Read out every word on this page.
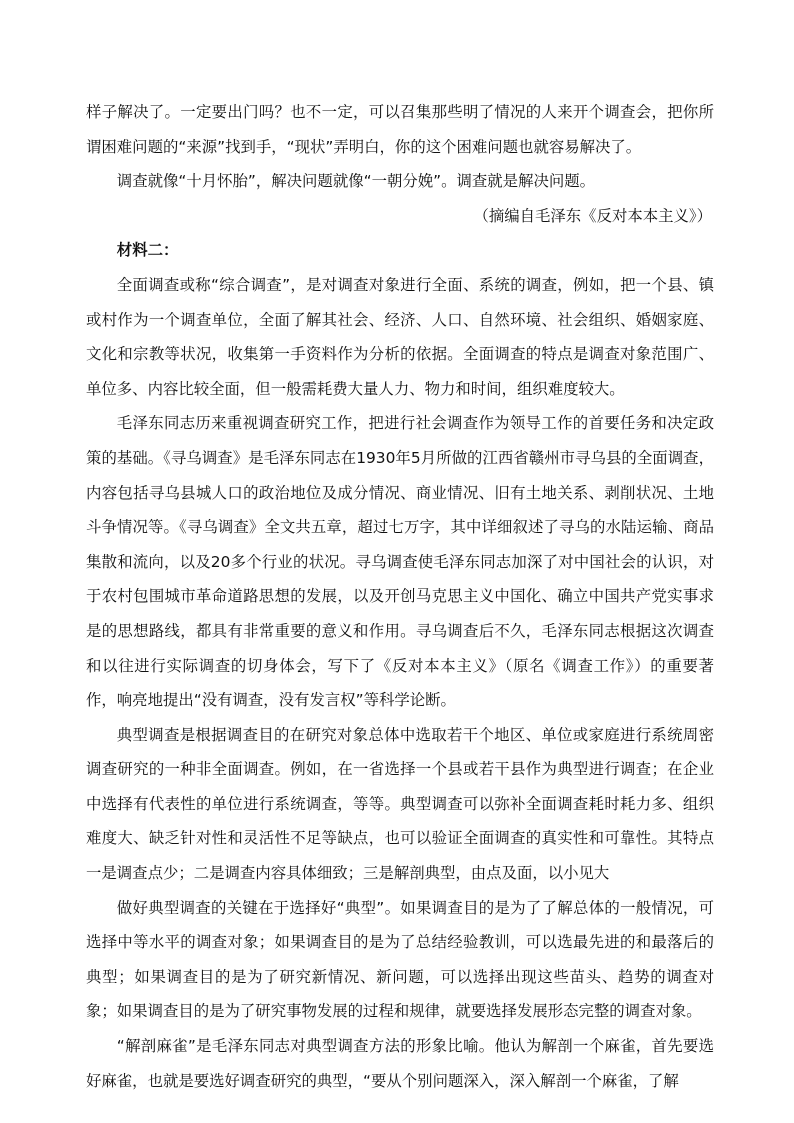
样子解决了。一定要出门吗？也不一定，可以召集那些明了情况的人来开个调查会，把你所谓困难问题的“来源”找到手，“现状”弄明白，你的这个困难问题也就容易解决了。

调查就像“十月怀胎”，解决问题就像“一朝分娩”。调查就是解决问题。

（摘编自毛泽东《反对本本主义》）

材料二：

全面调查或称“综合调查”，是对调查对象进行全面、系统的调查，例如，把一个县、镇或村作为一个调查单位，全面了解其社会、经济、人口、自然环境、社会组织、婚姻家庭、文化和宗教等状况，收集第一手资料作为分析的依据。全面调查的特点是调查对象范围广、单位多、内容比较全面，但一般需耗费大量人力、物力和时间，组织难度较大。

毛泽东同志历来重视调查研究工作，把进行社会调查作为领导工作的首要任务和决定政策的基础。《寻乌调查》是毛泽东同志在1930年5月所做的江西省赣州市寻乌县的全面调查，内容包括寻乌县城人口的政治地位及成分情况、商业情况、旧有土地关系、剥削状况、土地斗争情况等。《寻乌调查》全文共五章，超过七万字，其中详细叙述了寻乌的水陆运输、商品集散和流向，以及20多个行业的状况。寻乌调查使毛泽东同志加深了对中国社会的认识，对于农村包围城市革命道路思想的发展，以及开创马克思主义中国化、确立中国共产党实事求是的思想路线，都具有非常重要的意义和作用。寻乌调查后不久，毛泽东同志根据这次调查和以往进行实际调查的切身体会，写下了《反对本本主义》（原名《调查工作》）的重要著作，响亮地提出“没有调查，没有发言权”等科学论断。

典型调查是根据调查目的在研究对象总体中选取若干个地区、单位或家庭进行系统周密调查研究的一种非全面调查。例如，在一省选择一个县或若干县作为典型进行调查；在企业中选择有代表性的单位进行系统调查，等等。典型调查可以弥补全面调查耗时耗力多、组织难度大、缺乏针对性和灵活性不足等缺点，也可以验证全面调查的真实性和可靠性。其特点一是调查点少；二是调查内容具体细致；三是解剖典型，由点及面，以小见大

做好典型调查的关键在于选择好“典型”。如果调查目的是为了了解总体的一般情况，可选择中等水平的调查对象；如果调查目的是为了总结经验教训，可以选最先进的和最落后的典型；如果调查目的是为了研究新情况、新问题，可以选择出现这些苗头、趋势的调查对象；如果调查目的是为了研究事物发展的过程和规律，就要选择发展形态完整的调查对象。

“解剖麻雀”是毛泽东同志对典型调查方法的形象比喻。他认为解剖一个麻雀，首先要选好麻雀，也就是要选好调查研究的典型，“要从个别问题深入，深入解剖一个麻雀，了解
